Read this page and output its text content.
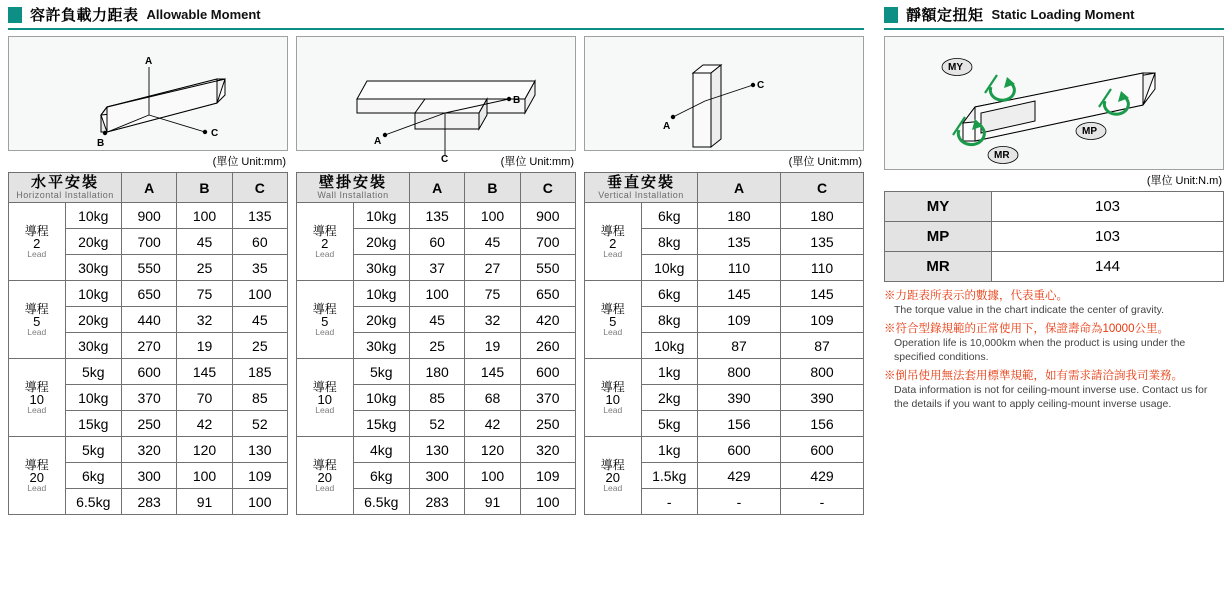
容許負載力距表 Allowable Moment
A
B
C
(單位 Unit:mm)
水平安裝
Horizontal Installation		A	B	C

導程
2
Lead	10kg	900	100	135
	20kg	700	45	60
	30kg	550	25	35

導程
5
Lead	10kg	650	75	100
	20kg	440	32	45
	30kg	270	19	25

導程
10
Lead	5kg	600	145	185
	10kg	370	70	85
	15kg	250	42	52

導程
20
Lead	5kg	320	120	130
	6kg	300	100	109
	6.5kg	283	91	100
A
B
C	(單位 Unit:mm)
壁掛安裝
Wall Installation		A	B	C

導程
2
Lead	10kg	135	100	900
	20kg	60	45	700
	30kg	37	27	550

導程
5
Lead	10kg	100	75	650
	20kg	45	32	420
	30kg	25	19	260

導程
10
Lead	5kg	180	145	600
	10kg	85	68	370
	15kg	52	42	250

導程
20
Lead	4kg	130	120	320
	6kg	300	100	109
	6.5kg	283	91	100
A
C
(單位 Unit:mm)
垂直安裝
Vertical Installation		A	C

導程
2
Lead	6kg	180	180
	8kg	135	135
	10kg	110	110

導程
5
Lead	6kg	145	145
	8kg	109	109
	10kg	87	87

導程
10
Lead	1kg	800	800
	2kg	390	390
	5kg	156	156

導程
20
Lead	1kg	600	600
	1.5kg	429	429
	-	-	-
靜額定扭矩 Static Loading Moment
MY
MP
MR
(單位 Unit:N.m)
MY	103
MP	103
MR	144
※力距表所表示的數據，代表重心。
The torque value in the chart indicate the center of gravity.
※符合型錄規範的正常使用下，保證壽命為10000公里。
Operation life is 10,000km when the product is using under the specified conditions.
※倒吊使用無法套用標準規範，如有需求請洽詢我司業務。
Data information is not for ceiling-mount inverse use. Contact us for the details if you want to apply ceiling-mount inverse usage.
